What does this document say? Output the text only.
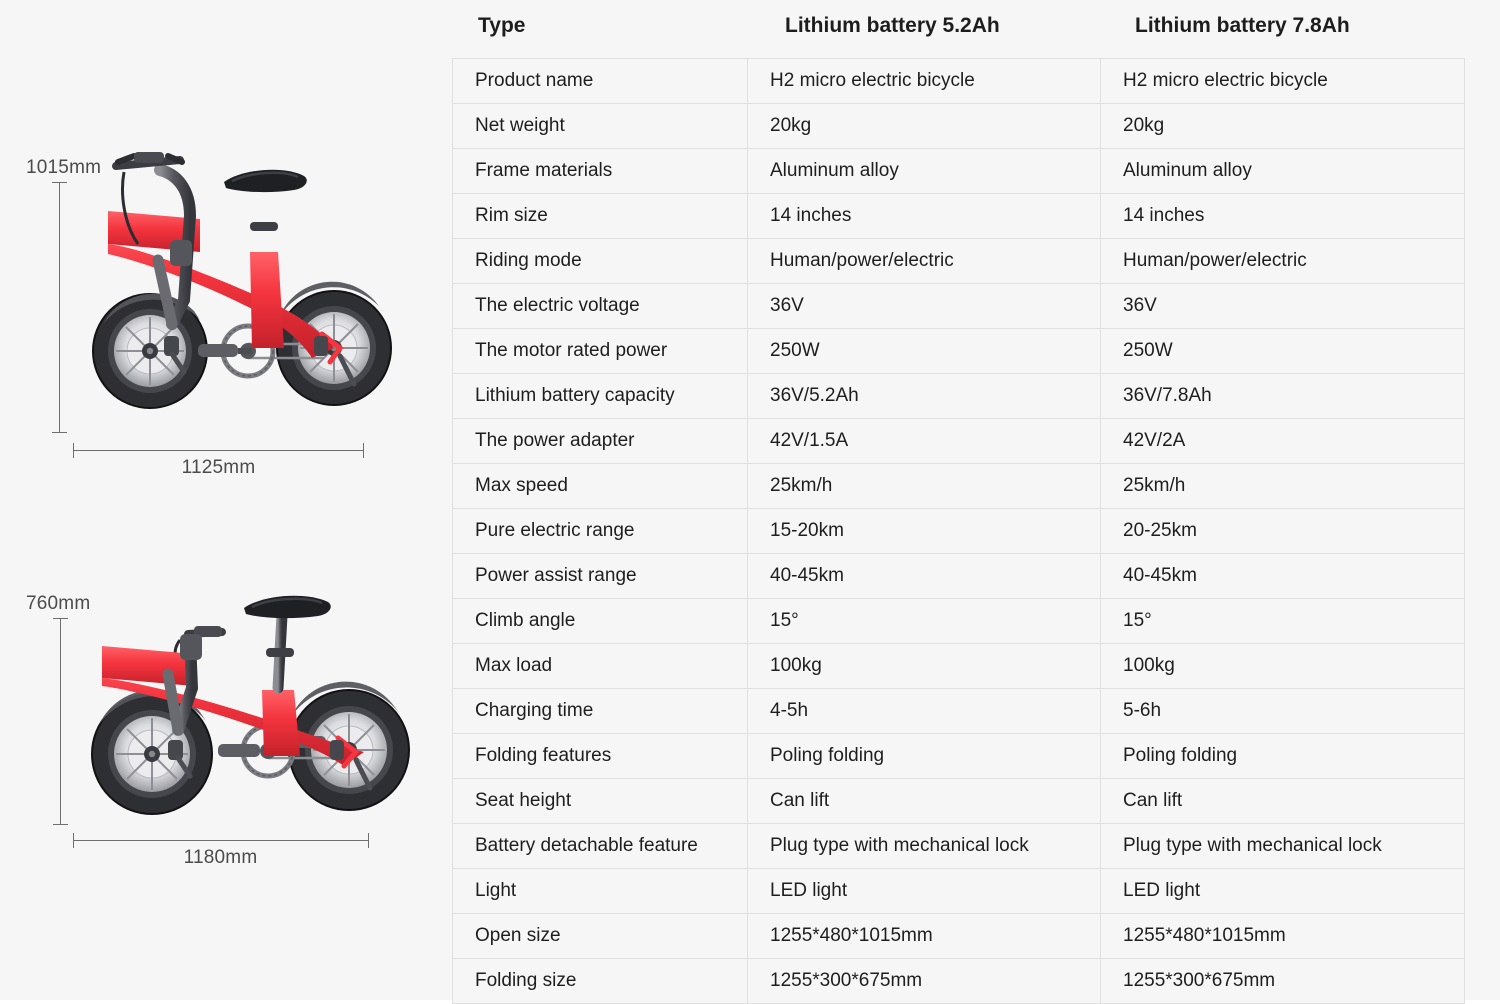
1015mm
1125mm
760mm
1180mm
Type	Lithium battery 5.2Ah	Lithium battery 7.8Ah
Product name	H2 micro electric bicycle	H2 micro electric bicycle
Net weight	20kg	20kg
Frame materials	Aluminum alloy	Aluminum alloy
Rim size	14 inches	14 inches
Riding mode	Human/power/electric	Human/power/electric
The electric voltage	36V	36V
The motor rated power	250W	250W
Lithium battery capacity	36V/5.2Ah	36V/7.8Ah
The power adapter	42V/1.5A	42V/2A
Max speed	25km/h	25km/h
Pure electric range	15-20km	20-25km
Power assist range	40-45km	40-45km
Climb angle	15°	15°
Max load	100kg	100kg
Charging time	4-5h	5-6h
Folding features	Poling folding	Poling folding
Seat height	Can lift	Can lift
Battery detachable feature	Plug type with mechanical lock	Plug type with mechanical lock
Light	LED light	LED light
Open size	1255*480*1015mm	1255*480*1015mm
Folding size	1255*300*675mm	1255*300*675mm
